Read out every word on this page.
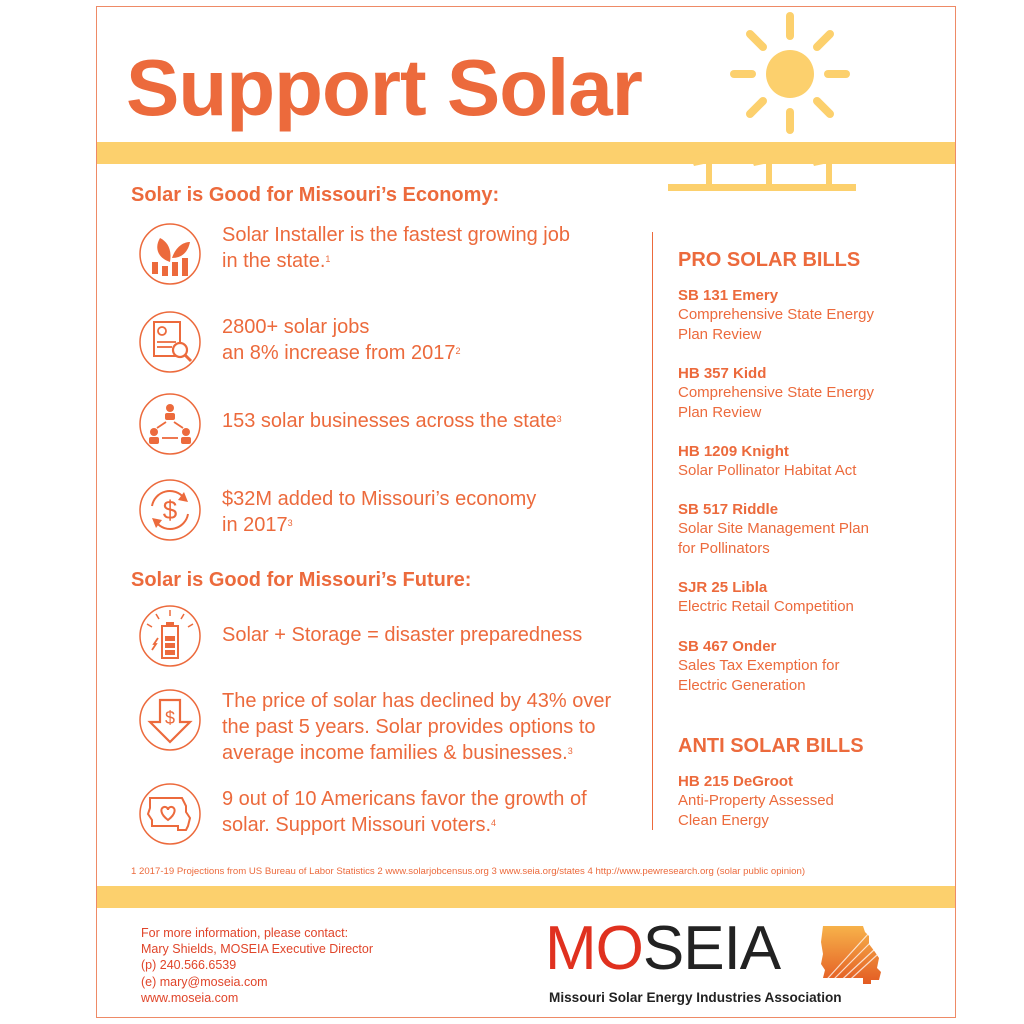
Support Solar
Solar is Good for Missouri’s Economy:
Solar Installer is the fastest growing job
in the state.$^1$
2800+ solar jobs
an 8% increase from 2017$^2$
153 solar businesses across the state$^3$
$ $32M added to Missouri’s economy
in 2017$^3$
Solar is Good for Missouri’s Future:
Solar + Storage = disaster preparedness
$
The price of solar has declined by 43% over
the past 5 years. Solar provides options to
average income families & businesses.$^3$
9 out of 10 Americans favor the growth of
solar. Support Missouri voters.$^4$
PRO SOLAR BILLS
SB 131 Emery
Comprehensive State Energy
Plan Review
HB 357 Kidd
Comprehensive State Energy
Plan Review
HB 1209 Knight
Solar Pollinator Habitat Act
SB 517 Riddle
Solar Site Management Plan
for Pollinators
SJR 25 Libla
Electric Retail Competition
SB 467 Onder
Sales Tax Exemption for
Electric Generation
ANTI SOLAR BILLS
HB 215 DeGroot
Anti-Property Assessed
Clean Energy
1 2017-19 Projections from US Bureau of Labor Statistics 2 www.solarjobcensus.org 3 www.seia.org/states 4 http://www.pewresearch.org (solar public opinion)
For more information, please contact:
Mary Shields, MOSEIA Executive Director
(p) 240.566.6539
(e) mary@moseia.com
www.moseia.com
MOSEIA
Missouri Solar Energy Industries Association
